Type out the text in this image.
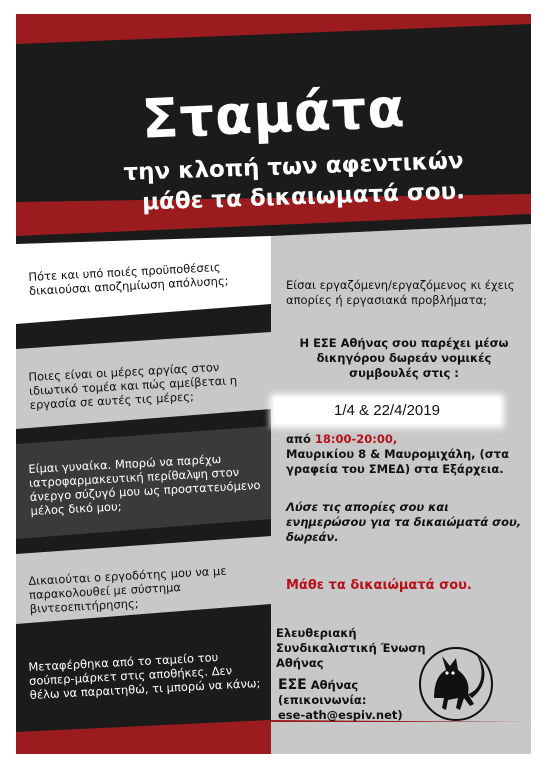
Σταμάτα
την κλοπή των αφεντικών
μάθε τα δικαιωματά σου.
Πότε και υπό ποιές προϋποθέσεις δικαιούσαι αποζημίωση απόλυσης;
Ποιες είναι οι μέρες αργίας στον ιδιωτικό τομέα και πώς αμείβεται η εργασία σε αυτές τις μέρες;
Είμαι γυναίκα. Μπορώ να παρέχω ιατροφαρμακευτική περίθαλψη στον άνεργο σύζυγό μου ως προστατευόμενο μέλος δικό μου;
Δικαιούται ο εργοδότης μου να με παρακολουθεί με σύστημα βιντεοεπιτήρησης;
Μεταφέρθηκα από το ταμείο του σούπερ-μάρκετ στις αποθήκες. Δεν θέλω να παραιτηθώ, τι μπορώ να κάνω;
Είσαι εργαζόμενη/εργαζόμενος κι έχεις απορίες ή εργασιακά προβλήματα;
Η ΕΣΕ Αθήνας σου παρέχει μέσω δικηγόρου δωρεάν νομικές συμβουλές στις :
1/4 & 22/4/2019
από 18:00-20:00,
Μαυρικίου 8 & Μαυρομιχάλη, (στα γραφεία του ΣΜΕΔ) στα Εξάρχεια.
Λύσε τις απορίες σου και ενημερώσου για τα δικαιώματά σου, δωρεάν.
Μάθε τα δικαιώματά σου.
Ελευθεριακή Συνδικαλιστική Ένωση Αθήνας
ΕΣΕ Αθήνας
(επικοινωνία:
ese-ath@espiv.net)
